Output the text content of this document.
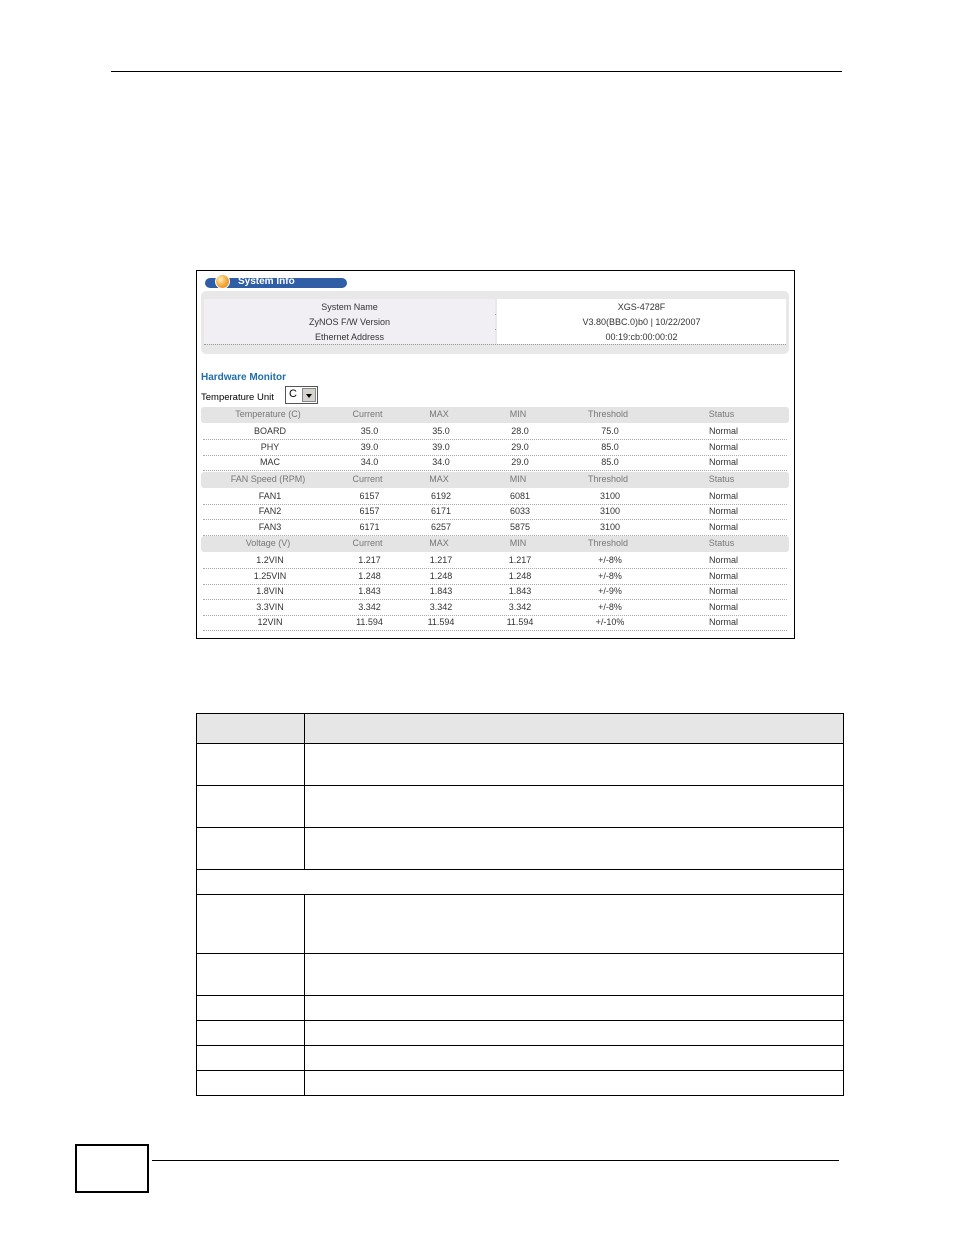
System Info
System Name	XGS-4728F
ZyNOS F/W Version	V3.80(BBC.0)b0 | 10/22/2007
Ethernet Address	00:19:cb:00:00:02
Hardware Monitor
Temperature Unit C
Temperature (C)	Current	MAX	MIN	Threshold	Status
BOARD	35.0	35.0	28.0	75.0	Normal
PHY	39.0	39.0	29.0	85.0	Normal
MAC	34.0	34.0	29.0	85.0	Normal
FAN Speed (RPM)	Current	MAX	MIN	Threshold	Status
FAN1	6157	6192	6081	3100	Normal
FAN2	6157	6171	6033	3100	Normal
FAN3	6171	6257	5875	3100	Normal
Voltage (V)	Current	MAX	MIN	Threshold	Status
1.2VIN	1.217	1.217	1.217	+/-8%	Normal
1.25VIN	1.248	1.248	1.248	+/-8%	Normal
1.8VIN	1.843	1.843	1.843	+/-9%	Normal
3.3VIN	3.342	3.342	3.342	+/-8%	Normal
12VIN	11.594	11.594	11.594	+/-10%	Normal
